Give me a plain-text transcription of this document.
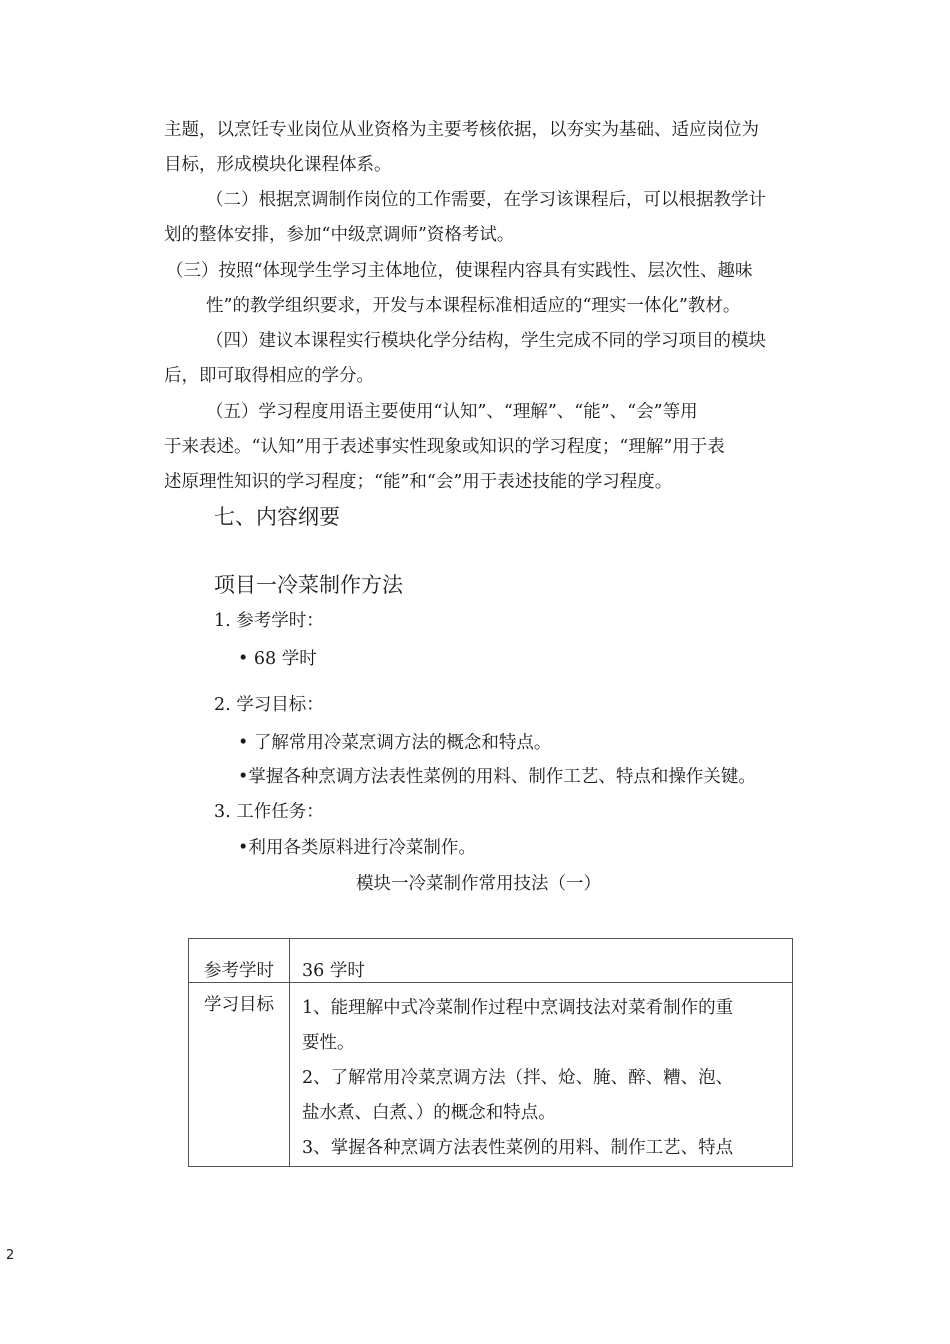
主题，以烹饪专业岗位从业资格为主要考核依据，以夯实为基础、适应岗位为
目标，形成模块化课程体系。
（二）根据烹调制作岗位的工作需要，在学习该课程后，可以根据教学计
划的整体安排，参加“中级烹调师”资格考试。
（三）按照“体现学生学习主体地位，使课程内容具有实践性、层次性、趣味
性”的教学组织要求，开发与本课程标准相适应的“理实一体化”教材。
（四）建议本课程实行模块化学分结构，学生完成不同的学习项目的模块
后，即可取得相应的学分。
（五）学习程度用语主要使用“认知”、“理解”、“能”、“会”等用
于来表述。“认知”用于表述事实性现象或知识的学习程度；“理解”用于表
述原理性知识的学习程度；“能”和“会”用于表述技能的学习程度。
七、内容纲要
项目一冷菜制作方法
1. 参考学时：
• 68 学时
2. 学习目标：
• 了解常用冷菜烹调方法的概念和特点。
•掌握各种烹调方法表性菜例的用料、制作工艺、特点和操作关键。
3. 工作任务：
•利用各类原料进行冷菜制作。
模块一冷菜制作常用技法（一）
参考学时	36 学时
学习目标	1、能理解中式冷菜制作过程中烹调技法对菜肴制作的重
要性。
2、了解常用冷菜烹调方法（拌、炝、腌、醉、糟、泡、
盐水煮、白煮、）的概念和特点。
3、掌握各种烹调方法表性菜例的用料、制作工艺、特点
2
